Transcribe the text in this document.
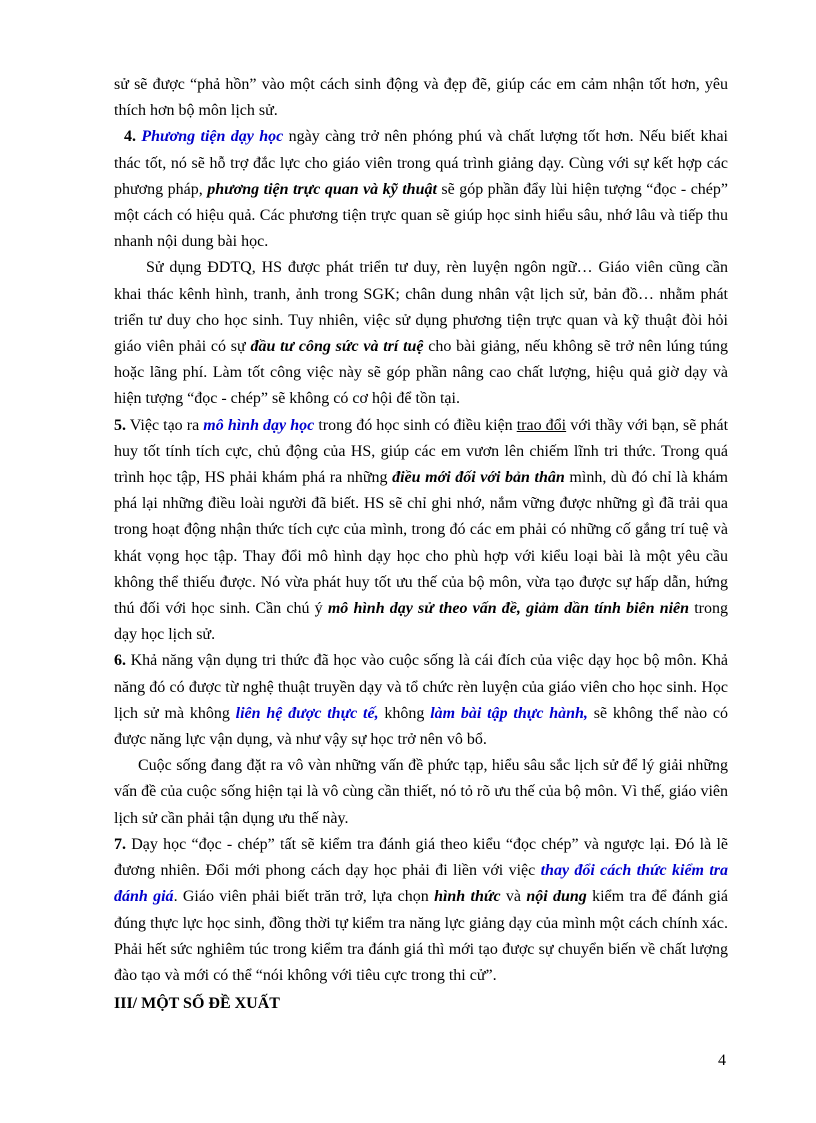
sử sẽ được “phả hồn” vào một cách sinh động và đẹp đẽ, giúp các em cảm nhận tốt hơn, yêu thích hơn bộ môn lịch sử.

4. Phương tiện dạy học ngày càng trở nên phóng phú và chất lượng tốt hơn. Nếu biết khai thác tốt, nó sẽ hỗ trợ đắc lực cho giáo viên trong quá trình giảng dạy. Cùng với sự kết hợp các phương pháp, phương tiện trực quan và kỹ thuật sẽ góp phần đẩy lùi hiện tượng “đọc - chép” một cách có hiệu quả. Các phương tiện trực quan sẽ giúp học sinh hiểu sâu, nhớ lâu và tiếp thu nhanh nội dung bài học.

Sử dụng ĐDTQ, HS được phát triển tư duy, rèn luyện ngôn ngữ… Giáo viên cũng cần khai thác kênh hình, tranh, ảnh trong SGK; chân dung nhân vật lịch sử, bản đồ… nhằm phát triển tư duy cho học sinh. Tuy nhiên, việc sử dụng phương tiện trực quan và kỹ thuật đòi hỏi giáo viên phải có sự đầu tư công sức và trí tuệ cho bài giảng, nếu không sẽ trở nên lúng túng hoặc lãng phí. Làm tốt công việc này sẽ góp phần nâng cao chất lượng, hiệu quả giờ dạy và hiện tượng “đọc - chép” sẽ không có cơ hội để tồn tại.

5. Việc tạo ra mô hình dạy học trong đó học sinh có điều kiện trao đổi với thầy với bạn, sẽ phát huy tốt tính tích cực, chủ động của HS, giúp các em vươn lên chiếm lĩnh tri thức. Trong quá trình học tập, HS phải khám phá ra những điều mới đối với bản thân mình, dù đó chỉ là khám phá lại những điều loài người đã biết. HS sẽ chỉ ghi nhớ, nắm vững được những gì đã trải qua trong hoạt động nhận thức tích cực của mình, trong đó các em phải có những cố gắng trí tuệ và khát vọng học tập. Thay đổi mô hình dạy học cho phù hợp với kiểu loại bài là một yêu cầu không thể thiếu được. Nó vừa phát huy tốt ưu thế của bộ môn, vừa tạo được sự hấp dẫn, hứng thú đối với học sinh. Cần chú ý mô hình dạy sử theo vấn đề, giảm dần tính biên niên trong dạy học lịch sử.

6. Khả năng vận dụng tri thức đã học vào cuộc sống là cái đích của việc dạy học bộ môn. Khả năng đó có được từ nghệ thuật truyền dạy và tổ chức rèn luyện của giáo viên cho học sinh. Học lịch sử mà không liên hệ được thực tế, không làm bài tập thực hành, sẽ không thể nào có được năng lực vận dụng, và như vậy sự học trở nên vô bổ.

Cuộc sống đang đặt ra vô vàn những vấn đề phức tạp, hiểu sâu sắc lịch sử để lý giải những vấn đề của cuộc sống hiện tại là vô cùng cần thiết, nó tỏ rõ ưu thế của bộ môn. Vì thế, giáo viên lịch sử cần phải tận dụng ưu thế này.

7. Dạy học “đọc - chép” tất sẽ kiểm tra đánh giá theo kiểu “đọc chép” và ngược lại. Đó là lẽ đương nhiên. Đổi mới phong cách dạy học phải đi liền với việc thay đổi cách thức kiểm tra đánh giá. Giáo viên phải biết trăn trở, lựa chọn hình thức và nội dung kiểm tra để đánh giá đúng thực lực học sinh, đồng thời tự kiểm tra năng lực giảng dạy của mình một cách chính xác. Phải hết sức nghiêm túc trong kiểm tra đánh giá thì mới tạo được sự chuyển biến về chất lượng đào tạo và mới có thể “nói không với tiêu cực trong thi cử”.

III/ MỘT SỐ ĐỀ XUẤT

4
